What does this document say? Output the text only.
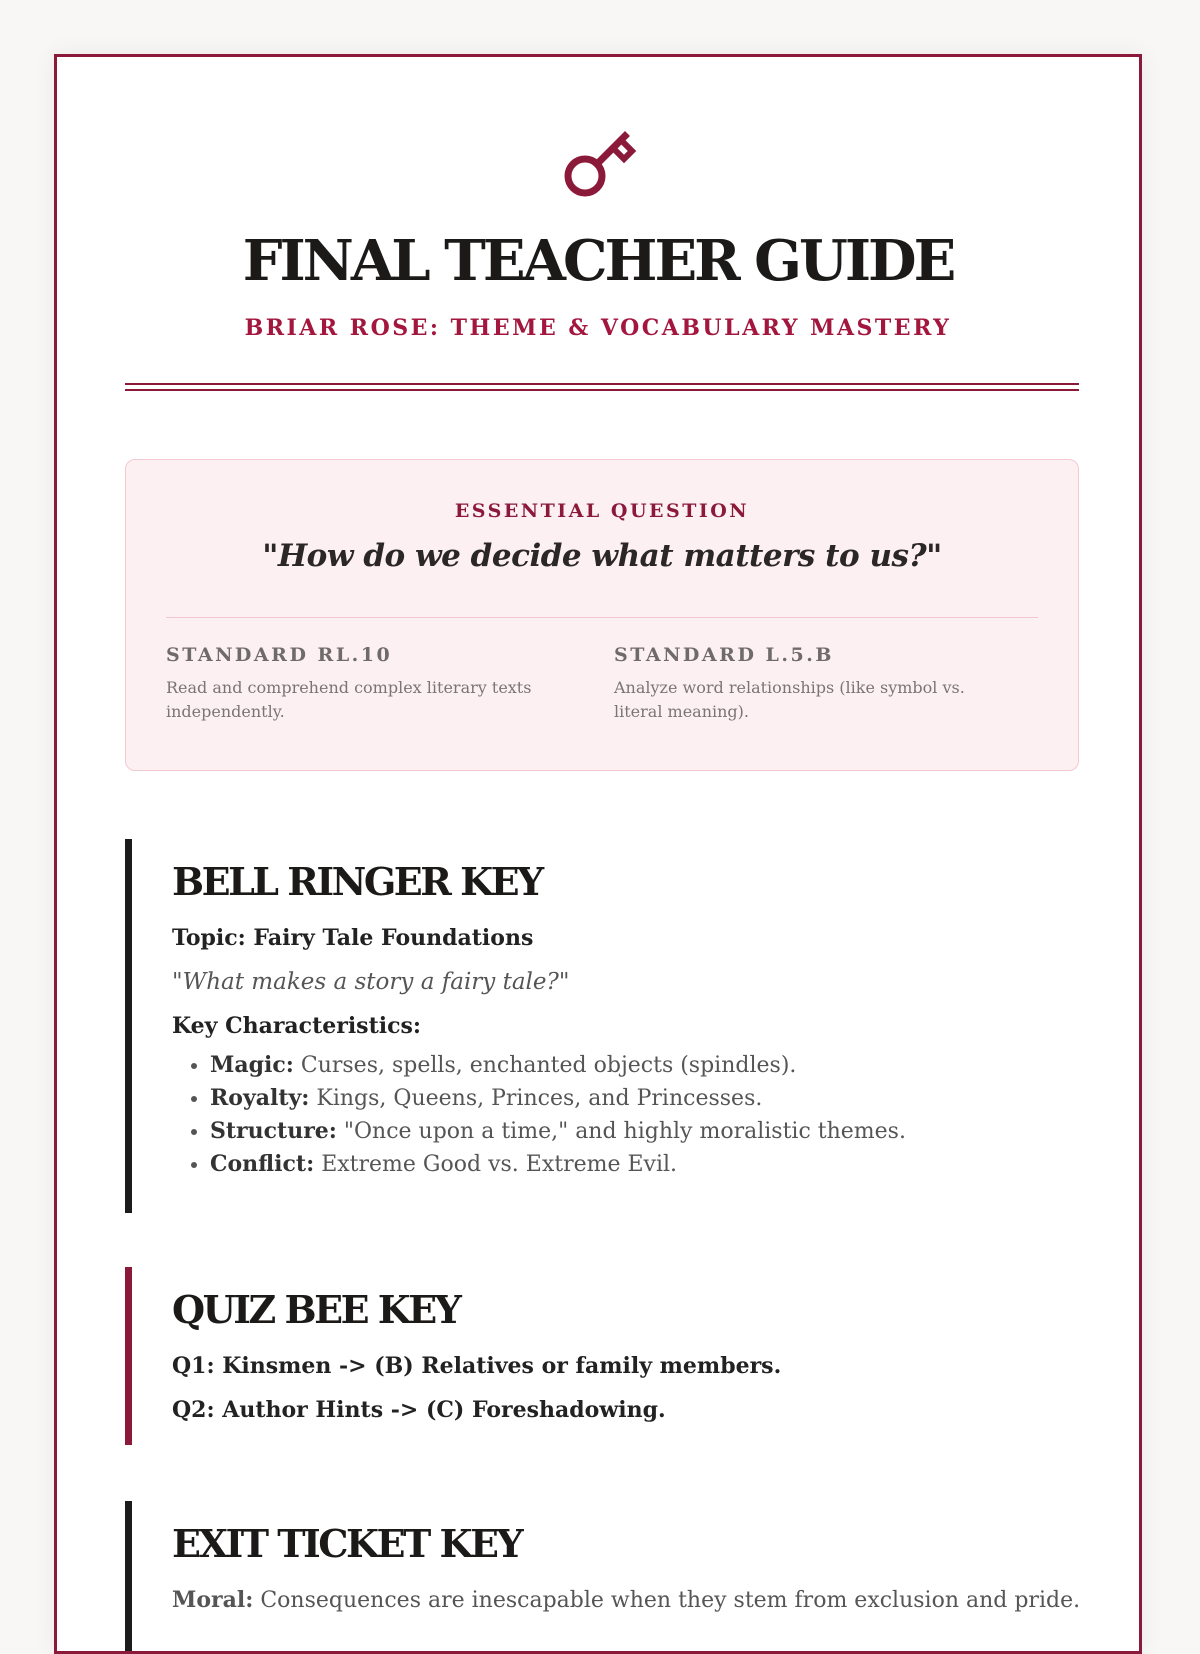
FINAL TEACHER GUIDE

BRIAR ROSE: THEME & VOCABULARY MASTERY

ESSENTIAL QUESTION
"How do we decide what matters to us?"
STANDARD RL.10
Read and comprehend complex literary texts independently.
STANDARD L.5.B
Analyze word relationships (like symbol vs. literal meaning).
BELL RINGER KEY

Topic: Fairy Tale Foundations

"What makes a story a fairy tale?"

Key Characteristics:

• Magic: Curses, spells, enchanted objects (spindles).
• Royalty: Kings, Queens, Princes, and Princesses.
• Structure: "Once upon a time," and highly moralistic themes.
• Conflict: Extreme Good vs. Extreme Evil.
QUIZ BEE KEY

Q1: Kinsmen -> (B) Relatives or family members.

Q2: Author Hints -> (C) Foreshadowing.

EXIT TICKET KEY

Moral: Consequences are inescapable when they stem from exclusion and pride.
